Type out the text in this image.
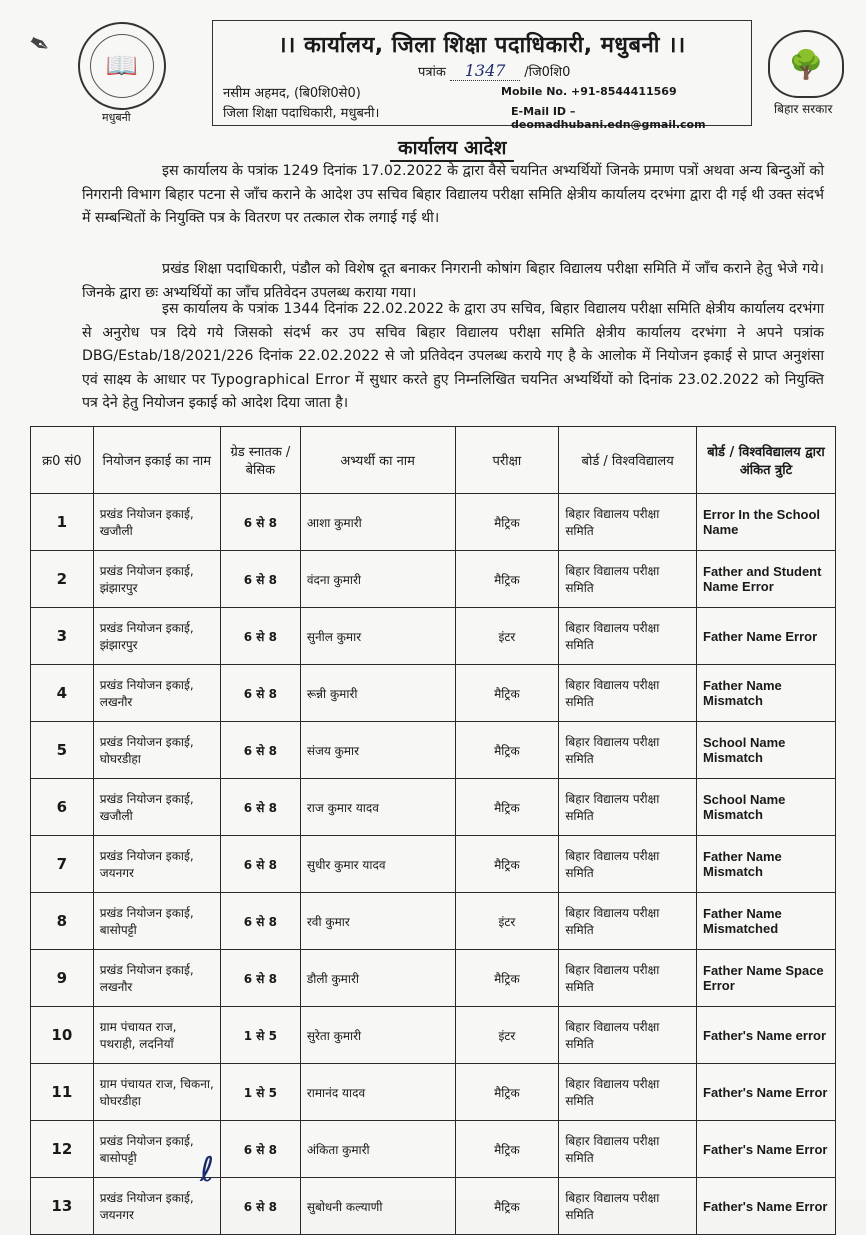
✒
📖
मधुबनी
।। कार्यालय, जिला शिक्षा पदाधिकारी, मधुबनी ।।
पत्रांक 1347 /जि0शि0
नसीम अहमद, (बि0शि0से0)
जिला शिक्षा पदाधिकारी, मधुबनी।
Mobile No. +91-8544411569
E-Mail ID – deomadhubani.edn@gmail.com
🌳
बिहार सरकार
कार्यालय आदेश
इस कार्यालय के पत्रांक 1249 दिनांक 17.02.2022 के द्वारा वैसे चयनित अभ्यर्थियों जिनके प्रमाण पत्रों अथवा अन्य बिन्दुओं को निगरानी विभाग बिहार पटना से जाँच कराने के आदेश उप सचिव बिहार विद्यालय परीक्षा समिति क्षेत्रीय कार्यालय दरभंगा द्वारा दी गई थी उक्त संदर्भ में सम्बन्धितों के नियुक्ति पत्र के वितरण पर तत्काल रोक लगाई गई थी।
प्रखंड शिक्षा पदाधिकारी, पंडौल को विशेष दूत बनाकर निगरानी कोषांग बिहार विद्यालय परीक्षा समिति में जाँच कराने हेतु भेजे गये। जिनके द्वारा छः अभ्यर्थियों का जाँच प्रतिवेदन उपलब्ध कराया गया।
इस कार्यालय के पत्रांक 1344 दिनांक 22.02.2022 के द्वारा उप सचिव, बिहार विद्यालय परीक्षा समिति क्षेत्रीय कार्यालय दरभंगा से अनुरोध पत्र दिये गये जिसको संदर्भ कर उप सचिव बिहार विद्यालय परीक्षा समिति क्षेत्रीय कार्यालय दरभंगा ने अपने पत्रांक DBG/Estab/18/2021/226 दिनांक 22.02.2022 से जो प्रतिवेदन उपलब्ध कराये गए है के आलोक में नियोजन इकाई से प्राप्त अनुशंसा एवं साक्ष्य के आधार पर Typographical Error में सुधार करते हुए निम्नलिखित चयनित अभ्यर्थियों को दिनांक 23.02.2022 को नियुक्ति पत्र देने हेतु नियोजन इकाई को आदेश दिया जाता है।
क्र0 सं0	नियोजन इकाई का नाम	ग्रेड स्नातक / बेसिक	अभ्यर्थी का नाम	परीक्षा	बोर्ड / विश्वविद्यालय	बोर्ड / विश्वविद्यालय द्वारा अंकित त्रुटि
1	प्रखंड नियोजन इकाई, खजौली	6 से 8	आशा कुमारी	मैट्रिक	बिहार विद्यालय परीक्षा समिति	Error In the School Name
2	प्रखंड नियोजन इकाई, झंझारपुर	6 से 8	वंदना कुमारी	मैट्रिक	बिहार विद्यालय परीक्षा समिति	Father and Student Name Error
3	प्रखंड नियोजन इकाई, झंझारपुर	6 से 8	सुनील कुमार	इंटर	बिहार विद्यालय परीक्षा समिति	Father Name Error
4	प्रखंड नियोजन इकाई, लखनौर	6 से 8	रून्नी कुमारी	मैट्रिक	बिहार विद्यालय परीक्षा समिति	Father Name Mismatch
5	प्रखंड नियोजन इकाई, घोघरडीहा	6 से 8	संजय कुमार	मैट्रिक	बिहार विद्यालय परीक्षा समिति	School Name Mismatch
6	प्रखंड नियोजन इकाई, खजौली	6 से 8	राज कुमार यादव	मैट्रिक	बिहार विद्यालय परीक्षा समिति	School Name Mismatch
7	प्रखंड नियोजन इकाई, जयनगर	6 से 8	सुधीर कुमार यादव	मैट्रिक	बिहार विद्यालय परीक्षा समिति	Father Name Mismatch
8	प्रखंड नियोजन इकाई, बासोपट्टी	6 से 8	रवी कुमार	इंटर	बिहार विद्यालय परीक्षा समिति	Father Name Mismatched
9	प्रखंड नियोजन इकाई, लखनौर	6 से 8	डौली कुमारी	मैट्रिक	बिहार विद्यालय परीक्षा समिति	Father Name Space Error
10	ग्राम पंचायत राज, पथराही, लदनियाँ	1 से 5	सुरेता कुमारी	इंटर	बिहार विद्यालय परीक्षा समिति	Father's Name error
11	ग्राम पंचायत राज, चिकना, घोघरडीहा	1 से 5	रामानंद यादव	मैट्रिक	बिहार विद्यालय परीक्षा समिति	Father's Name Error
12	प्रखंड नियोजन इकाई, बासोपट्टी	6 से 8	अंकिता कुमारी	मैट्रिक	बिहार विद्यालय परीक्षा समिति	Father's Name Error
13	प्रखंड नियोजन इकाई, जयनगर	6 से 8	सुबोधनी कल्याणी	मैट्रिक	बिहार विद्यालय परीक्षा समिति	Father's Name Error
ℓ
